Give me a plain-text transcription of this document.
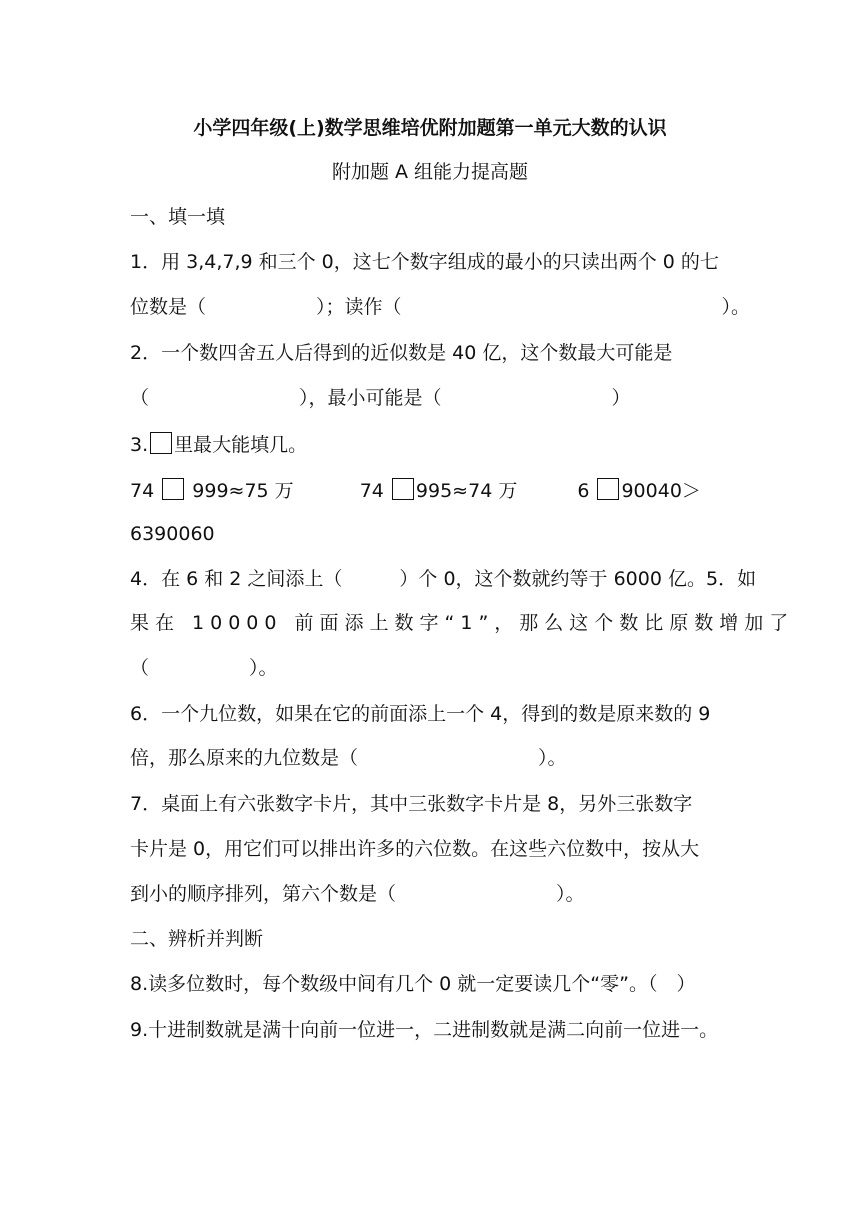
小学四年级(上)数学思维培优附加题第一单元大数的认识
附加题 A 组能力提高题
一、填一填
1．用 3,4,7,9 和三个 0，这七个数字组成的最小的只读出两个 0 的七
位数是（	）；读作（	）。
2．一个数四舍五人后得到的近似数是 40 亿，这个数最大可能是
（	），最小可能是（	）
3. 里最大能填几。
74 999≈75 万	74 995≈74 万	6 90040＞
6390060
4．在 6 和 2 之间添上（　　　）个 0，这个数就约等于 6000 亿。5．如
果在 10000 前面添上数字“1”，那么这个数比原数增加了
（	）。
6．一个九位数，如果在它的前面添上一个 4，得到的数是原来数的 9
倍，那么原来的九位数是（	）。
7．桌面上有六张数字卡片，其中三张数字卡片是 8，另外三张数字
卡片是 0，用它们可以排出许多的六位数。在这些六位数中，按从大
到小的顺序排列，第六个数是（	）。
二、辨析并判断
8.读多位数时，每个数级中间有几个 0 就一定要读几个“零”。（　）
9.十进制数就是满十向前一位进一，二进制数就是满二向前一位进一。
